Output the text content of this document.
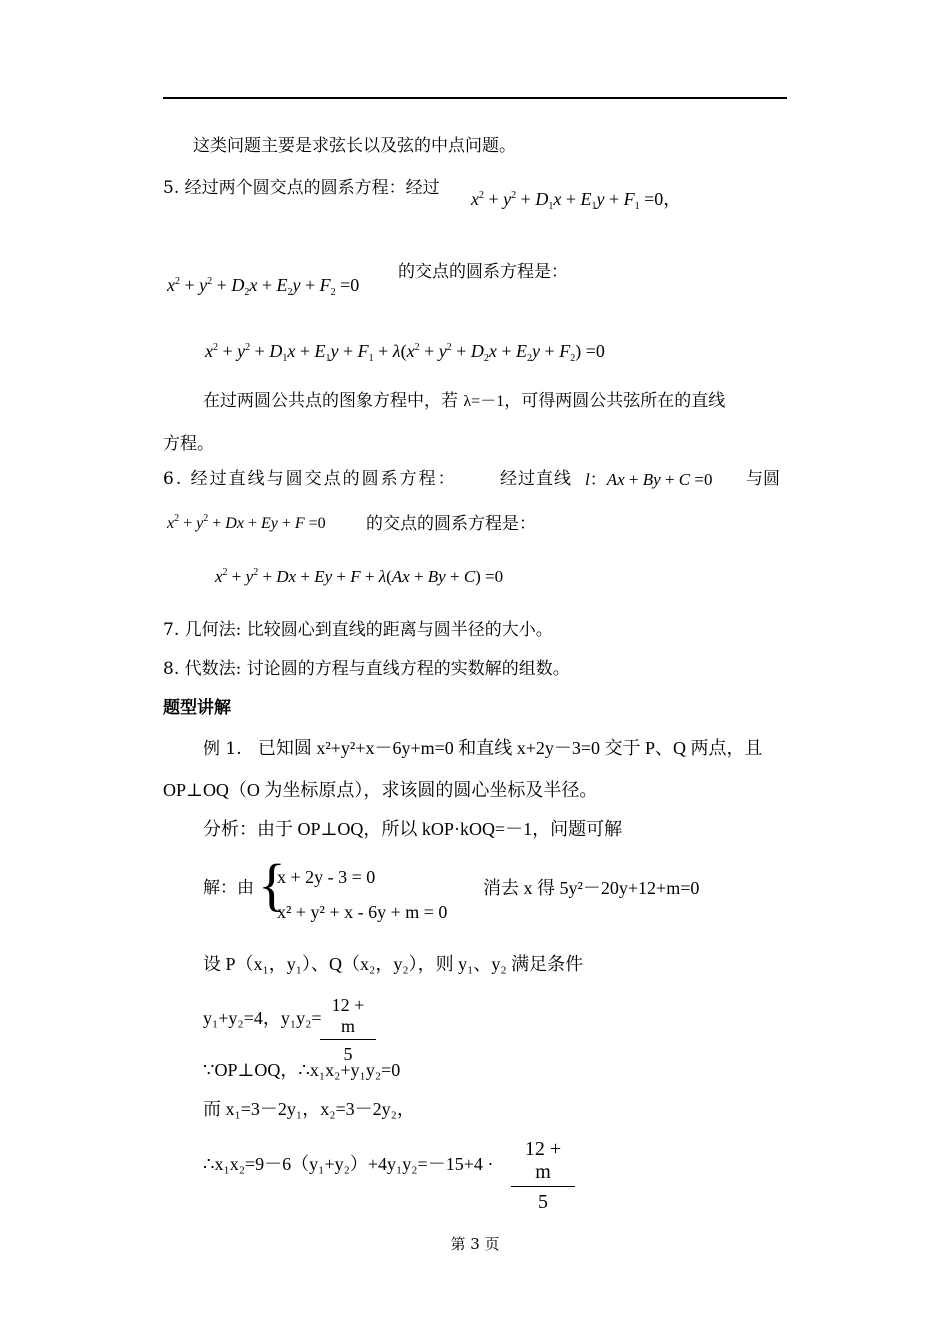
这类问题主要是求弦长以及弦的中点问题。
5. 经过两个圆交点的圆系方程：经过
$x^2 + y^2 + D_1x + E_1y + F_1 =0$，
$x^2 + y^2 + D_2x + E_2y + F_2 =0$
的交点的圆系方程是：
$x^2 + y^2 + D_1x + E_1y + F_1 + \lambda(x^2 + y^2 + D_2x + E_2y + F_2) =0$
在过两圆公共点的图象方程中，若 λ=－1，可得两圆公共弦所在的直线
方程。
6. 经过直线与圆交点的圆系方程：	经过直线 l：Ax + By + C =0 与圆
$x^2 + y^2 + Dx + Ey + F =0$ 的交点的圆系方程是：
$x^2 + y^2 + Dx + Ey + F + \lambda(Ax + By + C) =0$
7. 几何法: 比较圆心到直线的距离与圆半径的大小。
8. 代数法: 讨论圆的方程与直线方程的实数解的组数。
题型讲解
例 1. 已知圆 x²+y²+x－6y+m=0 和直线 x+2y－3=0 交于 P、Q 两点，且
OP⊥OQ（O 为坐标原点），求该圆的圆心坐标及半径。
分析：由于 OP⊥OQ，所以 kOP·kOQ=－1，问题可解
解：由 {
x + 2y - 3 = 0
x² + y² + x - 6y + m = 0
消去 x 得 5y²－20y+12+m=0
设 P（x₁，y₁）、Q（x₂，y₂），则 y₁、y₂ 满足条件
y₁+y₂=4，y₁y₂=
12 + m
5
∵OP⊥OQ，∴x₁x₂+y₁y₂=0
而 x₁=3－2y₁，x₂=3－2y₂，
∴x₁x₂=9－6（y₁+y₂）+4y₁y₂=－15+4 ·
12 + m
5
第 3 页
